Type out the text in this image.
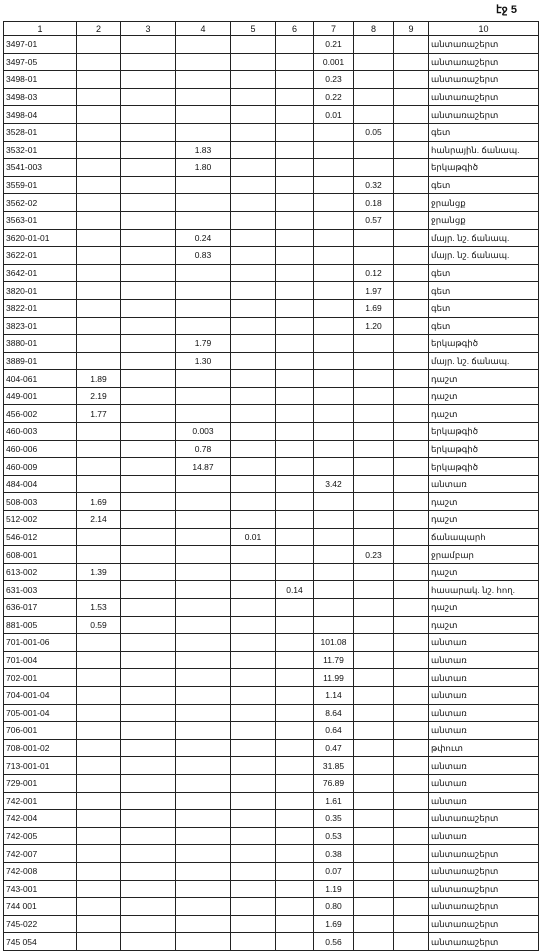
էջ 5
1	2	3	4	5	6	7	8	9	10
3497-01						0.21			անտառաշերտ
3497-05						0.001			անտառաշերտ
3498-01						0.23			անտառաշերտ
3498-03						0.22			անտառաշերտ
3498-04						0.01			անտառաշերտ
3528-01							0.05		գետ
3532-01			1.83						հանրային. ճանապ.
3541-003			1.80						երկաթգիծ
3559-01							0.32		գետ
3562-02							0.18		ջրանցք
3563-01							0.57		ջրանցք
3620-01-01			0.24						մայր. նշ. ճանապ.
3622-01			0.83						մայր. նշ. ճանապ.
3642-01							0.12		գետ
3820-01							1.97		գետ
3822-01							1.69		գետ
3823-01							1.20		գետ
3880-01			1.79						երկաթգիծ
3889-01			1.30						մայր. նշ. ճանապ.
404-061	1.89								դաշտ
449-001	2.19								դաշտ
456-002	1.77								դաշտ
460-003			0.003						երկաթգիծ
460-006			0.78						երկաթգիծ
460-009			14.87						երկաթգիծ
484-004						3.42			անտառ
508-003	1.69								դաշտ
512-002	2.14								դաշտ
546-012				0.01					ճանապարհ
608-001							0.23		ջրամբար
613-002	1.39								դաշտ
631-003					0.14				հասարակ. նշ. հող.
636-017	1.53								դաշտ
881-005	0.59								դաշտ
701-001-06						101.08			անտառ
701-004						11.79			անտառ
702-001						11.99			անտառ
704-001-04						1.14			անտառ
705-001-04						8.64			անտառ
706-001						0.64			անտառ
708-001-02						0.47			թփուտ
713-001-01						31.85			անտառ
729-001						76.89			անտառ
742-001						1.61			անտառ
742-004						0.35			անտառաշերտ
742-005						0.53			անտառ
742-007						0.38			անտառաշերտ
742-008						0.07			անտառաշերտ
743-001						1.19			անտառաշերտ
744 001						0.80			անտառաշերտ
745-022						1.69			անտառաշերտ
745 054						0.56			անտառաշերտ
